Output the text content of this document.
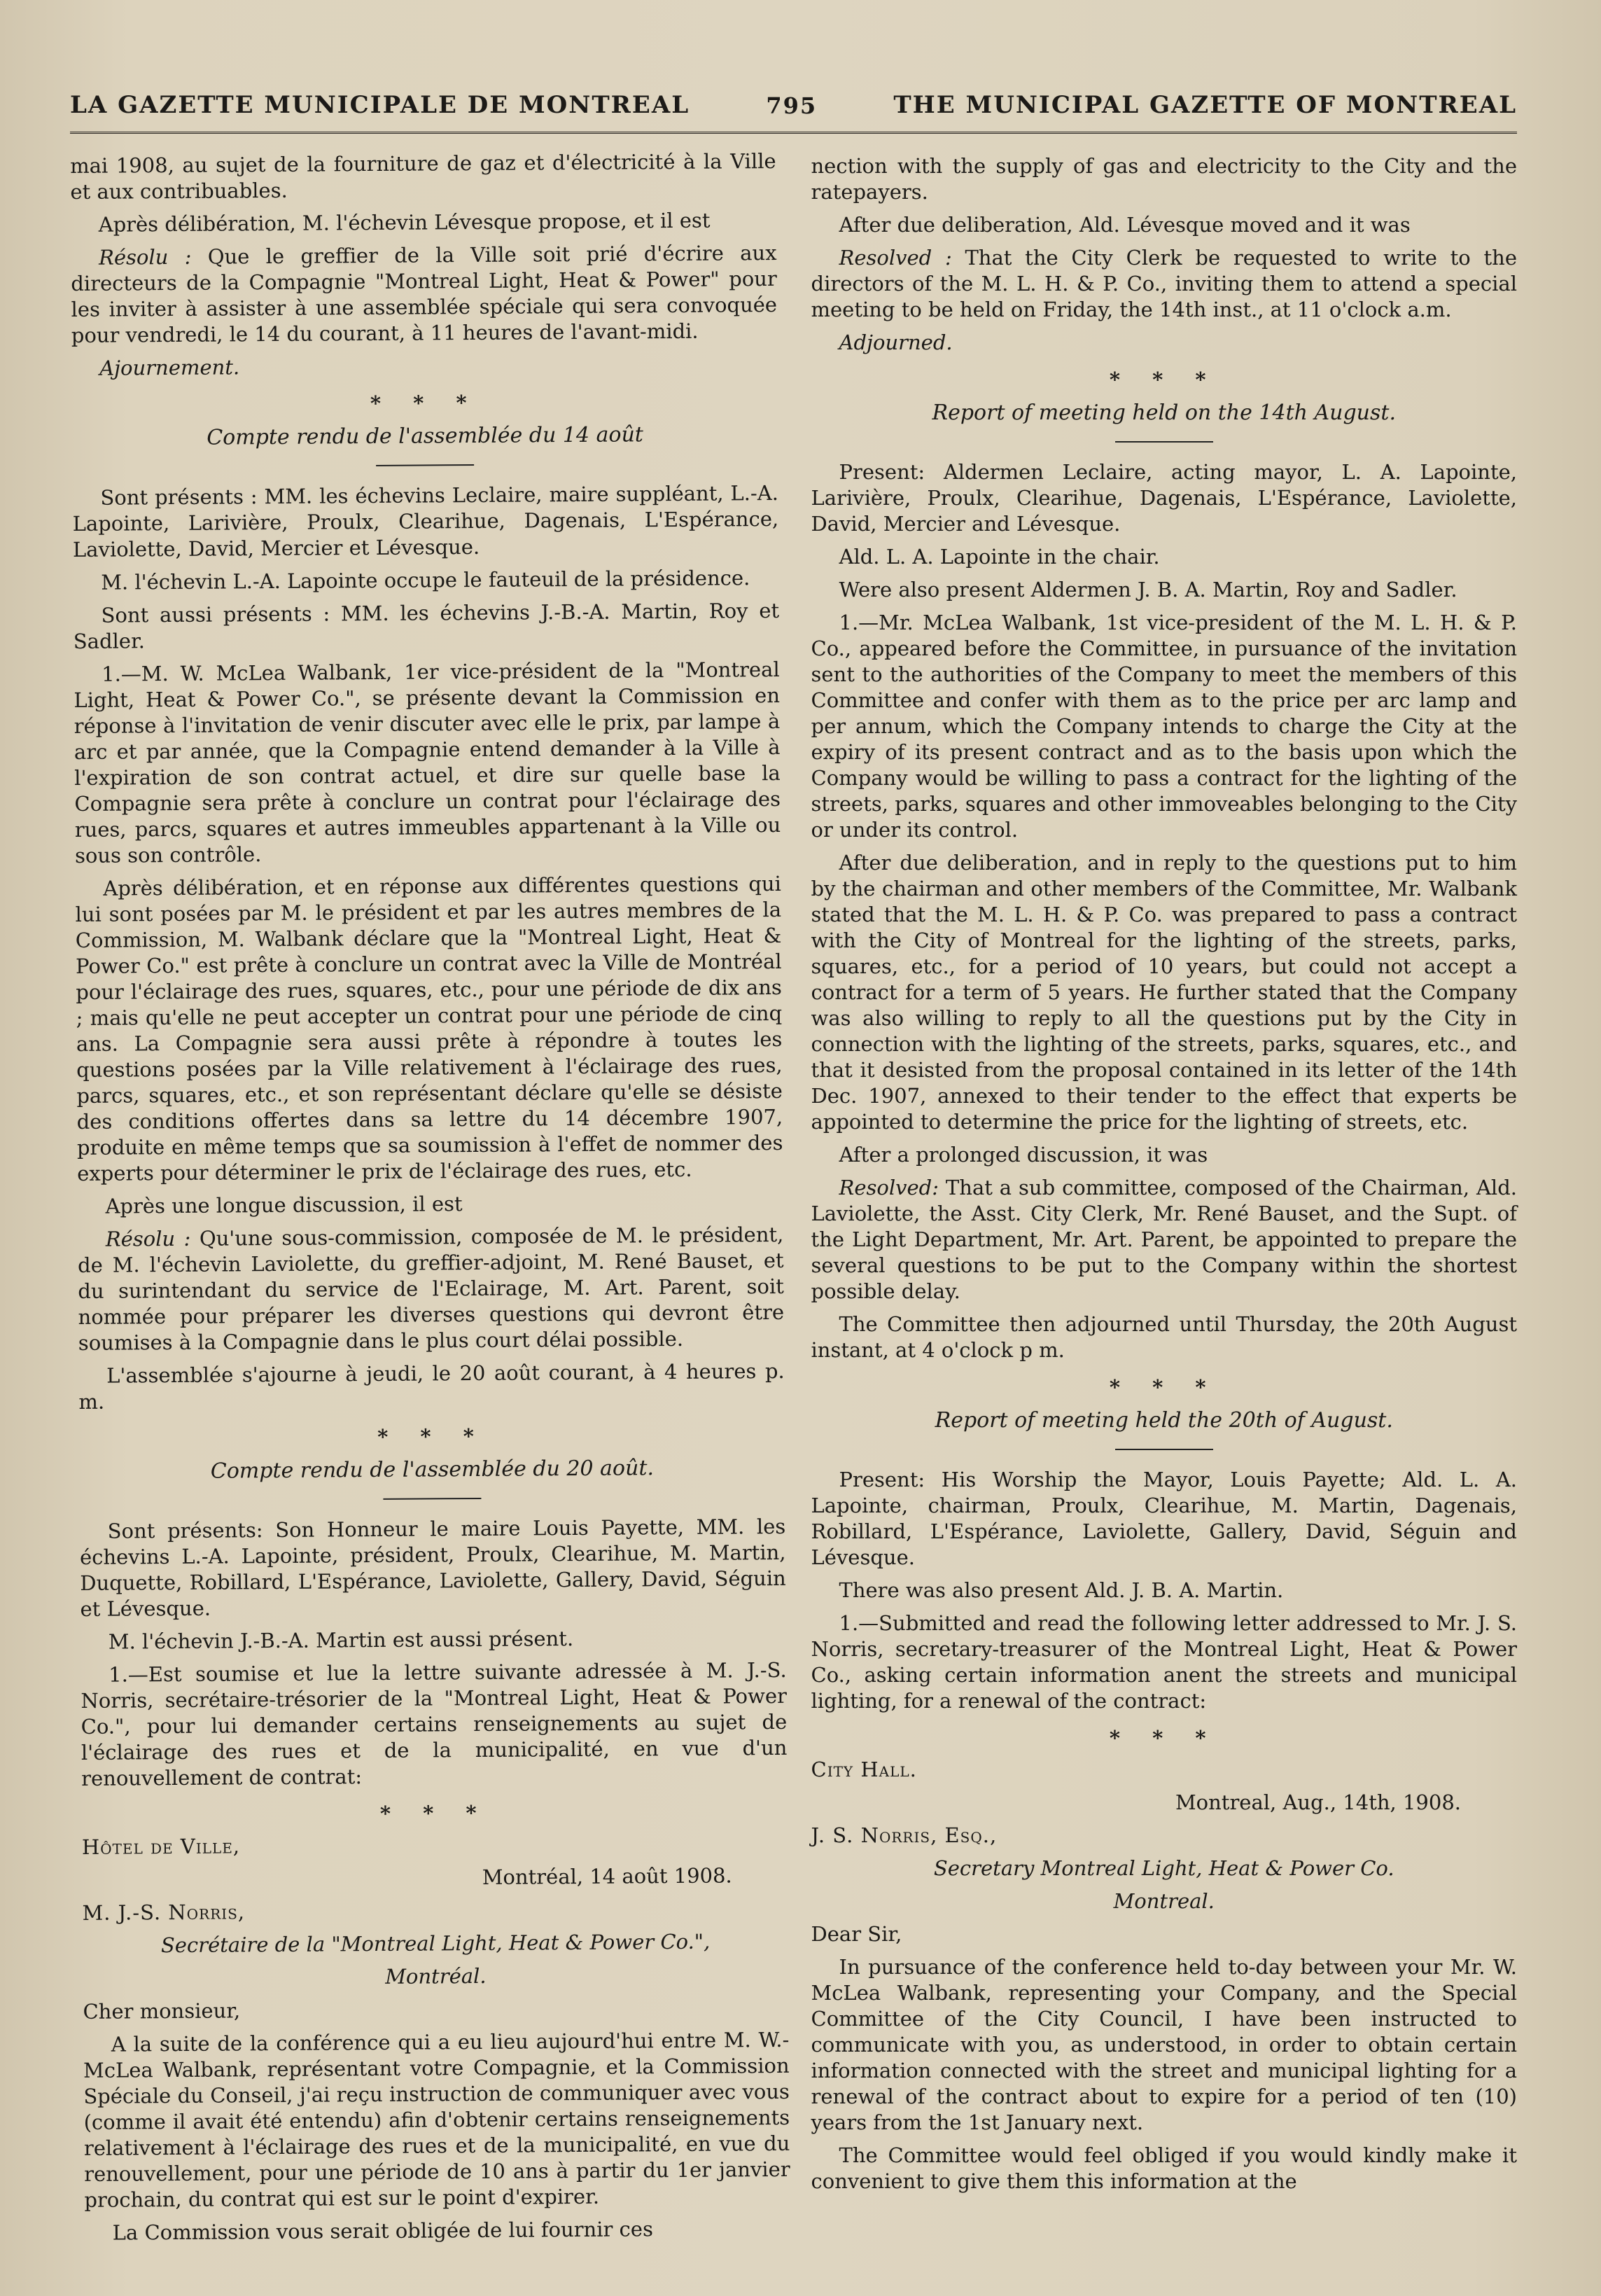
LA GAZETTE MUNICIPALE DE MONTREAL	795	THE MUNICIPAL GAZETTE OF MONTREAL

mai 1908, au sujet de la fourniture de gaz et d'électricité à la Ville et aux contribuables.

Après délibération, M. l'échevin Lévesque propose, et il est

Résolu : Que le greffier de la Ville soit prié d'écrire aux directeurs de la Compagnie "Montreal Light, Heat & Power" pour les inviter à assister à une assemblée spéciale qui sera convoquée pour vendredi, le 14 du courant, à 11 heures de l'avant-midi.

Ajournement.

* * *
Compte rendu de l'assemblée du 14 août

Sont présents : MM. les échevins Leclaire, maire suppléant, L.-A. Lapointe, Larivière, Proulx, Clearihue, Dagenais, L'Espérance, Laviolette, David, Mercier et Lévesque.

M. l'échevin L.-A. Lapointe occupe le fauteuil de la présidence.

Sont aussi présents : MM. les échevins J.-B.-A. Martin, Roy et Sadler.

1.—M. W. McLea Walbank, 1er vice-président de la "Montreal Light, Heat & Power Co.", se présente devant la Commission en réponse à l'invitation de venir discuter avec elle le prix, par lampe à arc et par année, que la Compagnie entend demander à la Ville à l'expiration de son contrat actuel, et dire sur quelle base la Compagnie sera prête à conclure un contrat pour l'éclairage des rues, parcs, squares et autres immeubles appartenant à la Ville ou sous son contrôle.

Après délibération, et en réponse aux différentes questions qui lui sont posées par M. le président et par les autres membres de la Commission, M. Walbank déclare que la "Montreal Light, Heat & Power Co." est prête à conclure un contrat avec la Ville de Montréal pour l'éclairage des rues, squares, etc., pour une période de dix ans ; mais qu'elle ne peut accepter un contrat pour une période de cinq ans. La Compagnie sera aussi prête à répondre à toutes les questions posées par la Ville relativement à l'éclairage des rues, parcs, squares, etc., et son représentant déclare qu'elle se désiste des conditions offertes dans sa lettre du 14 décembre 1907, produite en même temps que sa soumission à l'effet de nommer des experts pour déterminer le prix de l'éclairage des rues, etc.

Après une longue discussion, il est

Résolu : Qu'une sous-commission, composée de M. le président, de M. l'échevin Laviolette, du greffier-adjoint, M. René Bauset, et du surintendant du service de l'Eclairage, M. Art. Parent, soit nommée pour préparer les diverses questions qui devront être soumises à la Compagnie dans le plus court délai possible.

L'assemblée s'ajourne à jeudi, le 20 août courant, à 4 heures p. m.

* * *
Compte rendu de l'assemblée du 20 août.

Sont présents: Son Honneur le maire Louis Payette, MM. les échevins L.-A. Lapointe, président, Proulx, Clearihue, M. Martin, Duquette, Robillard, L'Espérance, Laviolette, Gallery, David, Séguin et Lévesque.

M. l'échevin J.-B.-A. Martin est aussi présent.

1.—Est soumise et lue la lettre suivante adressée à M. J.-S. Norris, secrétaire-trésorier de la "Montreal Light, Heat & Power Co.", pour lui demander certains renseignements au sujet de l'éclairage des rues et de la municipalité, en vue d'un renouvellement de contrat:

* * *

Hôtel de Ville,

Montréal, 14 août 1908.

M. J.-S. Norris,

Secrétaire de la "Montreal Light, Heat & Power Co.",

Montréal.

Cher monsieur,

A la suite de la conférence qui a eu lieu aujourd'hui entre M. W.-McLea Walbank, représentant votre Compagnie, et la Commission Spéciale du Conseil, j'ai reçu instruction de communiquer avec vous (comme il avait été entendu) afin d'obtenir certains renseignements relativement à l'éclairage des rues et de la municipalité, en vue du renouvellement, pour une période de 10 ans à partir du 1er janvier prochain, du contrat qui est sur le point d'expirer.

La Commission vous serait obligée de lui fournir ces

nection with the supply of gas and electricity to the City and the ratepayers.

After due deliberation, Ald. Lévesque moved and it was

Resolved : That the City Clerk be requested to write to the directors of the M. L. H. & P. Co., inviting them to attend a special meeting to be held on Friday, the 14th inst., at 11 o'clock a.m.

Adjourned.

* * *
Report of meeting held on the 14th August.

Present: Aldermen Leclaire, acting mayor, L. A. Lapointe, Larivière, Proulx, Clearihue, Dagenais, L'Espérance, Laviolette, David, Mercier and Lévesque.

Ald. L. A. Lapointe in the chair.

Were also present Aldermen J. B. A. Martin, Roy and Sadler.

1.—Mr. McLea Walbank, 1st vice-president of the M. L. H. & P. Co., appeared before the Committee, in pursuance of the invitation sent to the authorities of the Company to meet the members of this Committee and confer with them as to the price per arc lamp and per annum, which the Company intends to charge the City at the expiry of its present contract and as to the basis upon which the Company would be willing to pass a contract for the lighting of the streets, parks, squares and other immoveables belonging to the City or under its control.

After due deliberation, and in reply to the questions put to him by the chairman and other members of the Committee, Mr. Walbank stated that the M. L. H. & P. Co. was prepared to pass a contract with the City of Montreal for the lighting of the streets, parks, squares, etc., for a period of 10 years, but could not accept a contract for a term of 5 years. He further stated that the Company was also willing to reply to all the questions put by the City in connection with the lighting of the streets, parks, squares, etc., and that it desisted from the proposal contained in its letter of the 14th Dec. 1907, annexed to their tender to the effect that experts be appointed to determine the price for the lighting of streets, etc.

After a prolonged discussion, it was

Resolved: That a sub committee, composed of the Chairman, Ald. Laviolette, the Asst. City Clerk, Mr. René Bauset, and the Supt. of the Light Department, Mr. Art. Parent, be appointed to prepare the several questions to be put to the Company within the shortest possible delay.

The Committee then adjourned until Thursday, the 20th August instant, at 4 o'clock p m.

* * *
Report of meeting held the 20th of August.

Present: His Worship the Mayor, Louis Payette; Ald. L. A. Lapointe, chairman, Proulx, Clearihue, M. Martin, Dagenais, Robillard, L'Espérance, Laviolette, Gallery, David, Séguin and Lévesque.

There was also present Ald. J. B. A. Martin.

1.—Submitted and read the following letter addressed to Mr. J. S. Norris, secretary-treasurer of the Montreal Light, Heat & Power Co., asking certain information anent the streets and municipal lighting, for a renewal of the contract:

* * *

City Hall.

Montreal, Aug., 14th, 1908.

J. S. Norris, Esq.,

Secretary Montreal Light, Heat & Power Co.

Montreal.

Dear Sir,

In pursuance of the conference held to-day between your Mr. W. McLea Walbank, representing your Company, and the Special Committee of the City Council, I have been instructed to communicate with you, as understood, in order to obtain certain information connected with the street and municipal lighting for a renewal of the contract about to expire for a period of ten (10) years from the 1st January next.

The Committee would feel obliged if you would kindly make it convenient to give them this information at the
